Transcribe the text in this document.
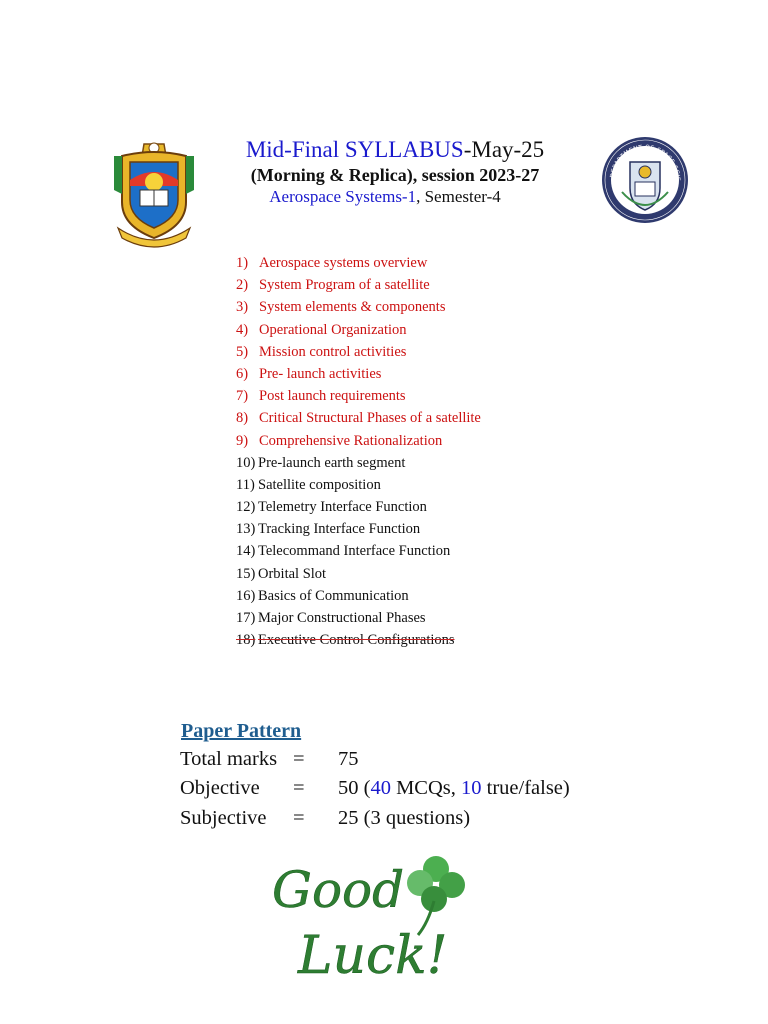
DEPARTMENT OF SPACE SCIE
Mid-Final SYLLABUS-May-25
(Morning & Replica), session 2023-27
Aerospace Systems-1, Semester-4
1) Aerospace systems overview
2) System Program of a satellite
3) System elements & components
4) Operational Organization
5) Mission control activities
6) Pre- launch activities
7) Post launch requirements
8) Critical Structural Phases of a satellite
9) Comprehensive Rationalization
10) Pre-launch earth segment
11) Satellite composition
12) Telemetry Interface Function
13) Tracking Interface Function
14) Telecommand Interface Function
15) Orbital Slot
16) Basics of Communication
17) Major Constructional Phases
18) Executive Control Configurations
Paper Pattern
Total marks = 75
Objective = 50 (40 MCQs, 10 true/false)
Subjective = 25 (3 questions)
Good
Luck!
